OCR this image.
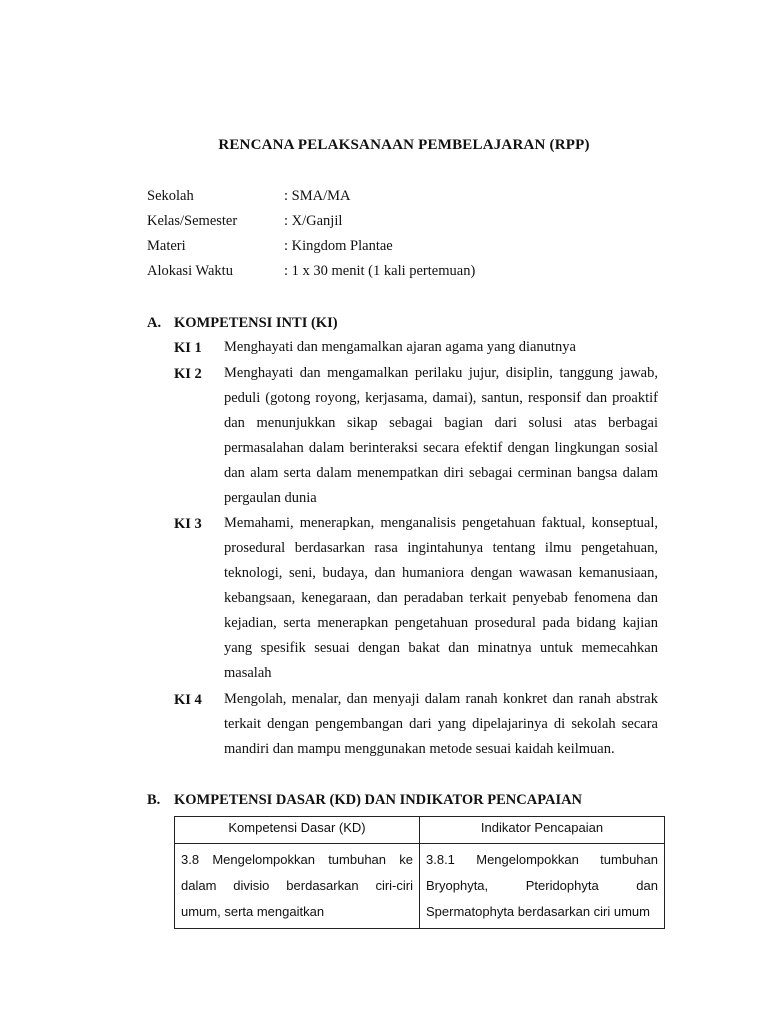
RENCANA PELAKSANAAN PEMBELAJARAN (RPP)
Sekolah	: SMA/MA
Kelas/Semester	: X/Ganjil
Materi	: Kingdom Plantae
Alokasi Waktu	: 1 x 30 menit (1 kali pertemuan)
A. KOMPETENSI INTI (KI)
KI 1 Menghayati dan mengamalkan ajaran agama yang dianutnya
KI 2 Menghayati dan mengamalkan perilaku jujur, disiplin, tanggung jawab, peduli (gotong royong, kerjasama, damai), santun, responsif dan proaktif dan menunjukkan sikap sebagai bagian dari solusi atas berbagai permasalahan dalam berinteraksi secara efektif dengan lingkungan sosial dan alam serta dalam menempatkan diri sebagai cerminan bangsa dalam pergaulan dunia
KI 3 Memahami, menerapkan, menganalisis pengetahuan faktual, konseptual, prosedural berdasarkan rasa ingintahunya tentang ilmu pengetahuan, teknologi, seni, budaya, dan humaniora dengan wawasan kemanusiaan, kebangsaan, kenegaraan, dan peradaban terkait penyebab fenomena dan kejadian, serta menerapkan pengetahuan prosedural pada bidang kajian yang spesifik sesuai dengan bakat dan minatnya untuk memecahkan masalah
KI 4 Mengolah, menalar, dan menyaji dalam ranah konkret dan ranah abstrak terkait dengan pengembangan dari yang dipelajarinya di sekolah secara mandiri dan mampu menggunakan metode sesuai kaidah keilmuan.
B. KOMPETENSI DASAR (KD) DAN INDIKATOR PENCAPAIAN
Kompetensi Dasar (KD)	Indikator Pencapaian
3.8 Mengelompokkan tumbuhan ke dalam divisio berdasarkan ciri-ciri umum, serta mengaitkan	3.8.1 Mengelompokkan tumbuhan Bryophyta, Pteridophyta dan Spermatophyta berdasarkan ciri umum
